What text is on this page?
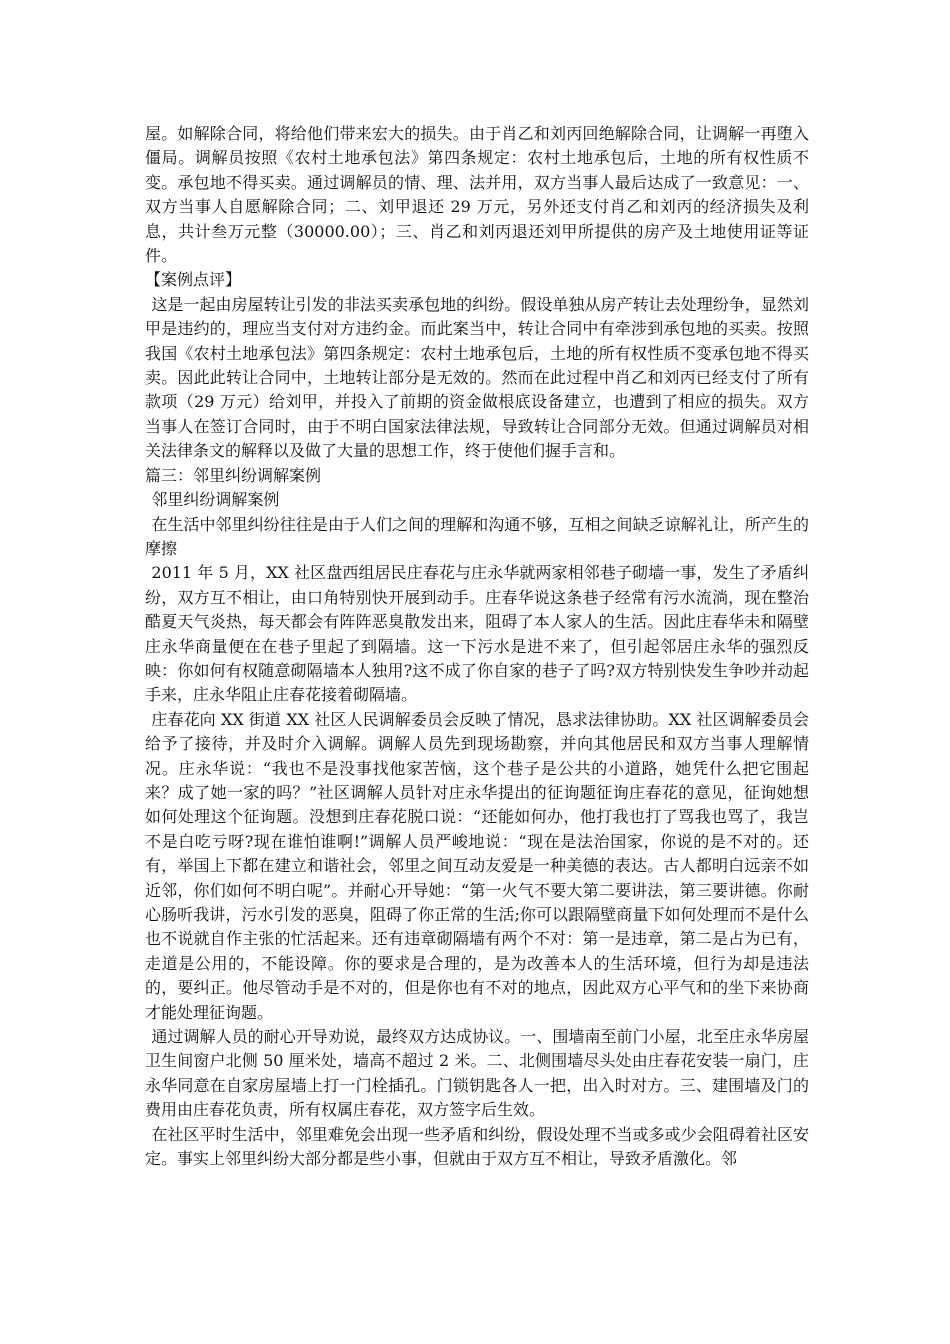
屋。如解除合同，将给他们带来宏大的损失。由于肖乙和刘丙回绝解除合同，让调解一再堕入僵局。调解员按照《农村土地承包法》第四条规定：农村土地承包后，土地的所有权性质不变。承包地不得买卖。通过调解员的情、理、法并用，双方当事人最后达成了一致意见：一、双方当事人自愿解除合同；二、刘甲退还 29 万元，另外还支付肖乙和刘丙的经济损失及利息，共计叁万元整（30000.00）；三、肖乙和刘丙退还刘甲所提供的房产及土地使用证等证件。

【案例点评】

这是一起由房屋转让引发的非法买卖承包地的纠纷。假设单独从房产转让去处理纷争，显然刘甲是违约的，理应当支付对方违约金。而此案当中，转让合同中有牵涉到承包地的买卖。按照我国《农村土地承包法》第四条规定：农村土地承包后，土地的所有权性质不变承包地不得买卖。因此此转让合同中，土地转让部分是无效的。然而在此过程中肖乙和刘丙已经支付了所有款项（29 万元）给刘甲，并投入了前期的资金做根底设备建立，也遭到了相应的损失。双方当事人在签订合同时，由于不明白国家法律法规，导致转让合同部分无效。但通过调解员对相关法律条文的解释以及做了大量的思想工作，终于使他们握手言和。

篇三：邻里纠纷调解案例

邻里纠纷调解案例

在生活中邻里纠纷往往是由于人们之间的理解和沟通不够，互相之间缺乏谅解礼让，所产生的摩擦

2011 年 5 月，XX 社区盘西组居民庄春花与庄永华就两家相邻巷子砌墙一事，发生了矛盾纠纷，双方互不相让，由口角特别快开展到动手。庄春华说这条巷子经常有污水流淌，现在整治酷夏天气炎热，每天都会有阵阵恶臭散发出来，阻碍了本人家人的生活。因此庄春华未和隔壁庄永华商量便在在巷子里起了到隔墙。这一下污水是进不来了，但引起邻居庄永华的强烈反映：你如何有权随意砌隔墙本人独用?这不成了你自家的巷子了吗?双方特别快发生争吵并动起手来，庄永华阻止庄春花接着砌隔墙。

庄春花向 XX 街道 XX 社区人民调解委员会反映了情况，恳求法律协助。XX 社区调解委员会给予了接待，并及时介入调解。调解人员先到现场勘察，并向其他居民和双方当事人理解情况。庄永华说：“我也不是没事找他家苦恼，这个巷子是公共的小道路，她凭什么把它围起来？成了她一家的吗？”社区调解人员针对庄永华提出的征询题征询庄春花的意见，征询她想如何处理这个征询题。没想到庄春花脱口说：“还能如何办，他打我也打了骂我也骂了，我岂不是白吃亏呀?现在谁怕谁啊!”调解人员严峻地说：“现在是法治国家，你说的是不对的。还有，举国上下都在建立和谐社会，邻里之间互动友爱是一种美德的表达。古人都明白远亲不如近邻，你们如何不明白呢”。并耐心开导她：“第一火气不要大第二要讲法，第三要讲德。你耐心肠听我讲，污水引发的恶臭，阻碍了你正常的生活;你可以跟隔壁商量下如何处理而不是什么也不说就自作主张的忙活起来。还有违章砌隔墙有两个不对：第一是违章，第二是占为已有，走道是公用的，不能设障。你的要求是合理的，是为改善本人的生活环境，但行为却是违法的，要纠正。他尽管动手是不对的，但是你也有不对的地点，因此双方心平气和的坐下来协商才能处理征询题。

通过调解人员的耐心开导劝说，最终双方达成协议。一、围墙南至前门小屋，北至庄永华房屋卫生间窗户北侧 50 厘米处，墙高不超过 2 米。二、北侧围墙尽头处由庄春花安装一扇门，庄永华同意在自家房屋墙上打一门栓插孔。门锁钥匙各人一把，出入时对方。三、建围墙及门的费用由庄春花负责，所有权属庄春花，双方签字后生效。

在社区平时生活中，邻里难免会出现一些矛盾和纠纷，假设处理不当或多或少会阻碍着社区安定。事实上邻里纠纷大部分都是些小事，但就由于双方互不相让，导致矛盾激化。邻
